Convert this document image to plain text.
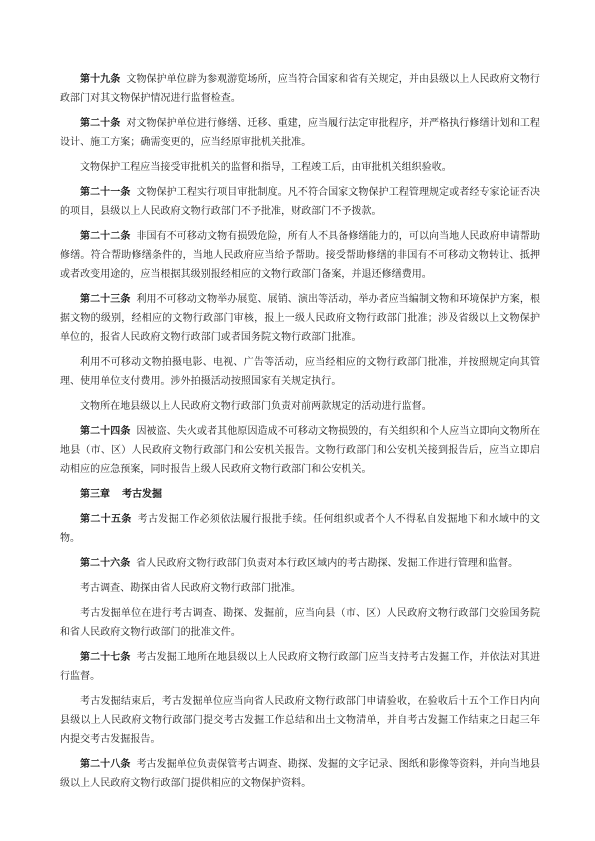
第十九条 文物保护单位辟为参观游览场所，应当符合国家和省有关规定，并由县级以上人民政府文物行政部门对其文物保护情况进行监督检查。

第二十条 对文物保护单位进行修缮、迁移、重建，应当履行法定审批程序，并严格执行修缮计划和工程设计、施工方案；确需变更的，应当经原审批机关批准。

文物保护工程应当接受审批机关的监督和指导，工程竣工后，由审批机关组织验收。

第二十一条 文物保护工程实行项目审批制度。凡不符合国家文物保护工程管理规定或者经专家论证否决的项目，县级以上人民政府文物行政部门不予批准，财政部门不予拨款。

第二十二条 非国有不可移动文物有损毁危险，所有人不具备修缮能力的，可以向当地人民政府申请帮助修缮。符合帮助修缮条件的，当地人民政府应当给予帮助。接受帮助修缮的非国有不可移动文物转让、抵押或者改变用途的，应当根据其级别报经相应的文物行政部门备案，并退还修缮费用。

第二十三条 利用不可移动文物举办展览、展销、演出等活动，举办者应当编制文物和环境保护方案，根据文物的级别，经相应的文物行政部门审核，报上一级人民政府文物行政部门批准；涉及省级以上文物保护单位的，报省人民政府文物行政部门或者国务院文物行政部门批准。

利用不可移动文物拍摄电影、电视、广告等活动，应当经相应的文物行政部门批准，并按照规定向其管理、使用单位支付费用。涉外拍摄活动按照国家有关规定执行。

文物所在地县级以上人民政府文物行政部门负责对前两款规定的活动进行监督。

第二十四条 因被盗、失火或者其他原因造成不可移动文物损毁的，有关组织和个人应当立即向文物所在地县（市、区）人民政府文物行政部门和公安机关报告。文物行政部门和公安机关接到报告后，应当立即启动相应的应急预案，同时报告上级人民政府文物行政部门和公安机关。

第三章 考古发掘

第二十五条 考古发掘工作必须依法履行报批手续。任何组织或者个人不得私自发掘地下和水域中的文物。

第二十六条 省人民政府文物行政部门负责对本行政区域内的考古勘探、发掘工作进行管理和监督。

考古调查、勘探由省人民政府文物行政部门批准。

考古发掘单位在进行考古调查、勘探、发掘前，应当向县（市、区）人民政府文物行政部门交验国务院和省人民政府文物行政部门的批准文件。

第二十七条 考古发掘工地所在地县级以上人民政府文物行政部门应当支持考古发掘工作，并依法对其进行监督。

考古发掘结束后，考古发掘单位应当向省人民政府文物行政部门申请验收，在验收后十五个工作日内向县级以上人民政府文物行政部门提交考古发掘工作总结和出土文物清单，并自考古发掘工作结束之日起三年内提交考古发掘报告。

第二十八条 考古发掘单位负责保管考古调查、勘探、发掘的文字记录、图纸和影像等资料，并向当地县级以上人民政府文物行政部门提供相应的文物保护资料。
